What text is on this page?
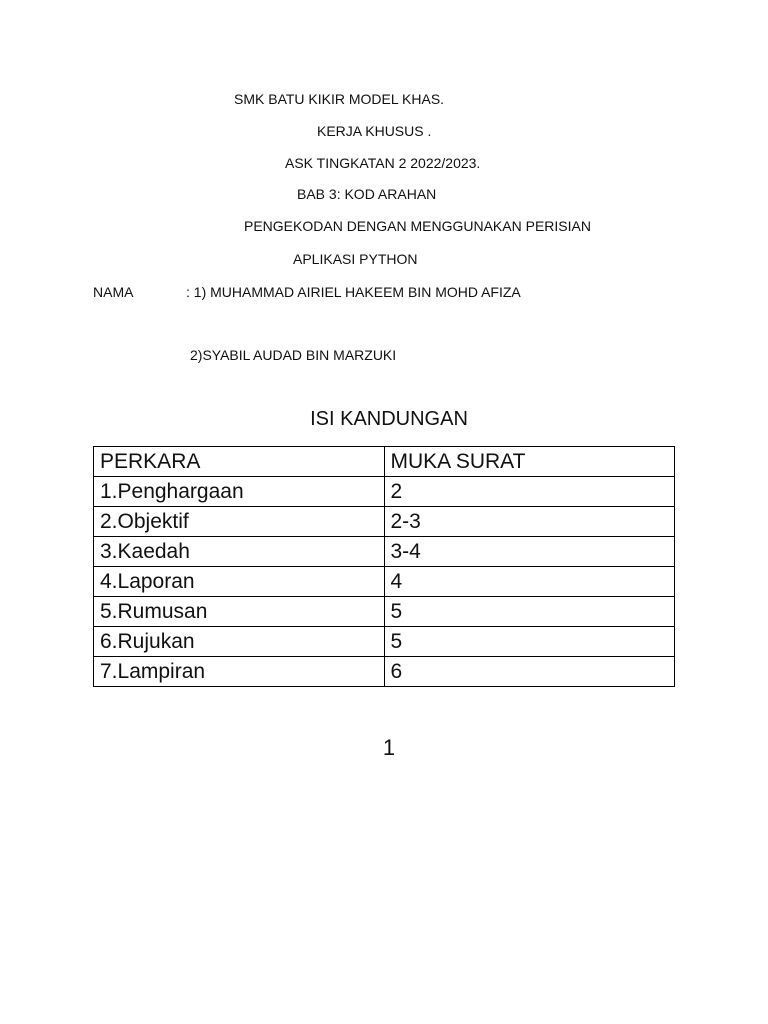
SMK BATU KIKIR MODEL KHAS.
KERJA KHUSUS .
ASK TINGKATAN 2 2022/2023.
BAB 3: KOD ARAHAN
PENGEKODAN DENGAN MENGGUNAKAN PERISIAN
APLIKASI PYTHON
NAMA	: 1) MUHAMMAD AIRIEL HAKEEM BIN MOHD AFIZA
2)SYABIL AUDAD BIN MARZUKI
ISI KANDUNGAN
PERKARA	MUKA SURAT
1.Penghargaan	2
2.Objektif	2-3
3.Kaedah	3-4
4.Laporan	4
5.Rumusan	5
6.Rujukan	5
7.Lampiran	6
1
